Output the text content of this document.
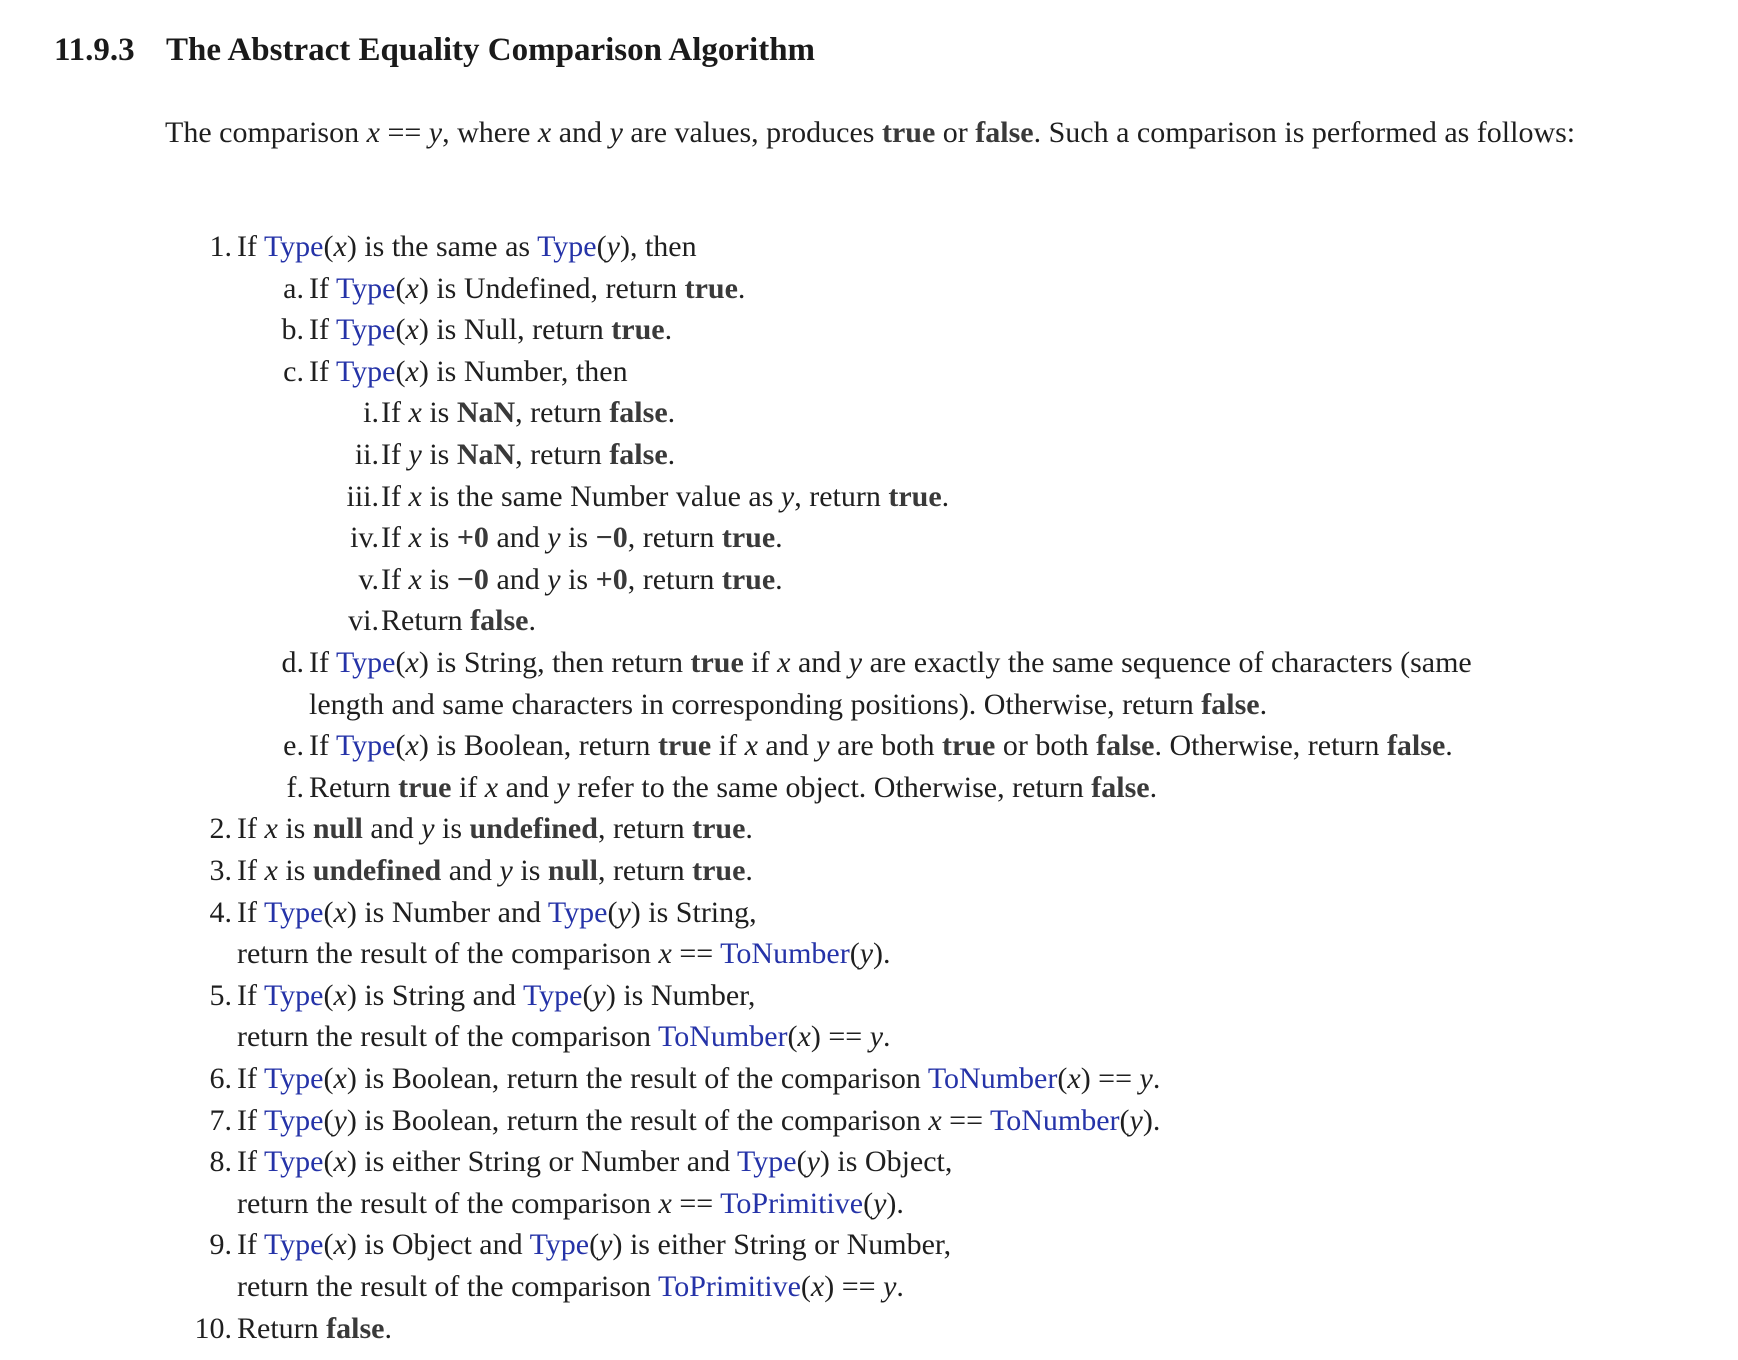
11.9.3 The Abstract Equality Comparison Algorithm

The comparison x == y, where x and y are values, produces true or false. Such a comparison is performed as follows:

1. If Type(x) is the same as Type(y), then
a. If Type(x) is Undefined, return true.
b. If Type(x) is Null, return true.
c. If Type(x) is Number, then
i. If x is NaN, return false.
ii. If y is NaN, return false.
iii. If x is the same Number value as y, return true.
iv. If x is +0 and y is −0, return true.
v. If x is −0 and y is +0, return true.
vi. Return false.
d. If Type(x) is String, then return true if x and y are exactly the same sequence of characters (same
length and same characters in corresponding positions). Otherwise, return false.
e. If Type(x) is Boolean, return true if x and y are both true or both false. Otherwise, return false.
f. Return true if x and y refer to the same object. Otherwise, return false.
2. If x is null and y is undefined, return true.
3. If x is undefined and y is null, return true.
4. If Type(x) is Number and Type(y) is String,
return the result of the comparison x == ToNumber(y).
5. If Type(x) is String and Type(y) is Number,
return the result of the comparison ToNumber(x) == y.
6. If Type(x) is Boolean, return the result of the comparison ToNumber(x) == y.
7. If Type(y) is Boolean, return the result of the comparison x == ToNumber(y).
8. If Type(x) is either String or Number and Type(y) is Object,
return the result of the comparison x == ToPrimitive(y).
9. If Type(x) is Object and Type(y) is either String or Number,
return the result of the comparison ToPrimitive(x) == y.
10. Return false.
